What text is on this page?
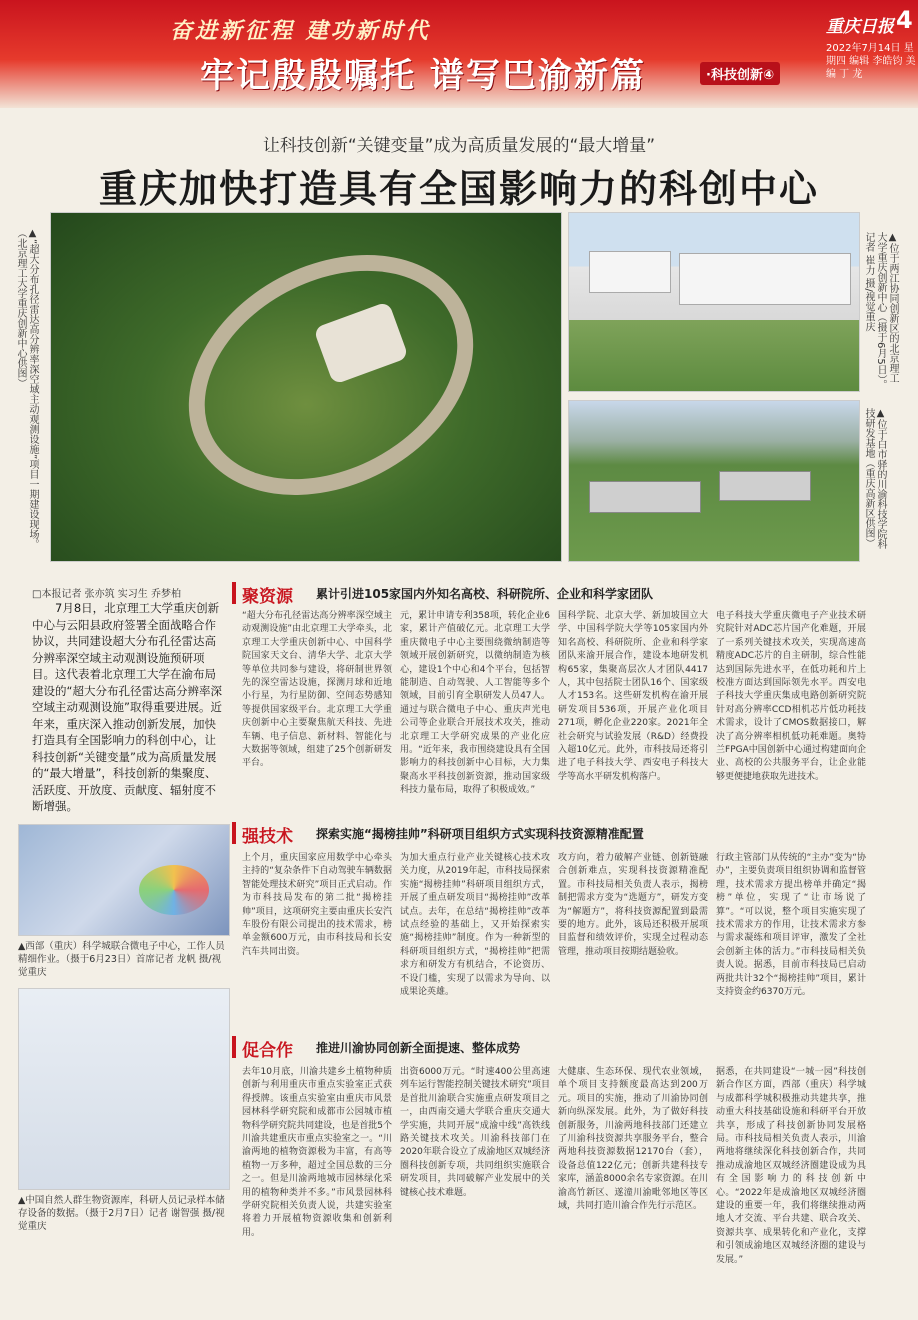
奋进新征程 建功新时代
牢记殷殷嘱托 谱写巴渝新篇	·科技创新④
重庆日报 4
2022年7月14日 星期四 编辑 李皓钧 美编 丁 龙
让科技创新“关键变量”成为高质量发展的“最大增量”
重庆加快打造具有全国影响力的科创中心
▲“超大分布孔径雷达高分辨率深空域主动观测设施”项目一期建设现场。（北京理工大学重庆创新中心供图）	▲位于两江协同创新区的北京理工大学重庆创新中心（摄于6月5日）。记者 崔力 摄/视觉重庆
▲位于白市驿的川渝科技学院科技研发基地（重庆高新区供图）
□本报记者 张亦筑 实习生 乔梦柏
7月8日，北京理工大学重庆创新中心与云阳县政府签署全面战略合作协议，共同建设超大分布孔径雷达高分辨率深空域主动观测设施预研项目。这代表着北京理工大学在渝布局建设的“超大分布孔径雷达高分辨率深空域主动观测设施”取得重要进展。近年来，重庆深入推动创新发展，加快打造具有全国影响力的科创中心，让科技创新“关键变量”成为高质量发展的“最大增量”，科技创新的集聚度、活跃度、开放度、贡献度、辐射度不断增强。
▲西部（重庆）科学城联合微电子中心，工作人员精细作业。（摄于6月23日）首席记者 龙帆 摄/视觉重庆
▲中国自然人群生物资源库，科研人员记录样本储存设备的数据。（摄于2月7日）记者 谢智强 摄/视觉重庆
聚资源 累计引进105家国内外知名高校、科研院所、企业和科学家团队
“超大分布孔径雷达高分辨率深空域主动观测设施”由北京理工大学牵头，北京理工大学重庆创新中心、中国科学院国家天文台、清华大学、北京大学等单位共同参与建设，将研制世界领先的深空雷达设施，探测月球和近地小行星，为行星防御、空间态势感知等提供国家级平台。北京理工大学重庆创新中心主要聚焦航天科技、先进车辆、电子信息、新材料、智能化与大数据等领域，组建了25个创新研发平台。
元，累计申请专利358项，转化企业6家，累计产值破亿元。北京理工大学重庆微电子中心主要围绕微纳制造等领域开展创新研究，以微纳制造为核心，建设1个中心和4个平台，包括智能制造、自动驾驶、人工智能等多个领域，目前引育全职研发人员47人。通过与联合微电子中心、重庆声光电公司等企业联合开展技术攻关，推动北京理工大学研究成果的产业化应用。“近年来，我市围绕建设具有全国影响力的科技创新中心目标，大力集聚高水平科技创新资源，推动国家级科技力量布局，取得了积极成效。”
国科学院、北京大学、新加坡国立大学、中国科学院大学等105家国内外知名高校、科研院所、企业和科学家团队来渝开展合作，建设本地研发机构65家，集聚高层次人才团队4417人，其中包括院士团队16个、国家级人才153名。这些研发机构在渝开展研发项目536项，开展产业化项目271项，孵化企业220家。2021年全社会研究与试验发展（R&D）经费投入超10亿元。此外，市科技局还将引进了电子科技大学、西安电子科技大学等高水平研发机构落户。
电子科技大学重庆微电子产业技术研究院针对ADC芯片国产化难题，开展了一系列关键技术攻关，实现高速高精度ADC芯片的自主研制，综合性能达到国际先进水平，在低功耗和片上校准方面达到国际领先水平。西安电子科技大学重庆集成电路创新研究院针对高分辨率CCD相机芯片低功耗技术需求，设计了CMOS数据接口，解决了高分辨率相机低功耗难题。奥特兰FPGA中国创新中心通过构建面向企业、高校的公共服务平台，让企业能够更便捷地获取先进技术。
强技术 探索实施“揭榜挂帅”科研项目组织方式实现科技资源精准配置
上个月，重庆国家应用数学中心牵头主持的“复杂条件下自动驾驶车辆数据智能处理技术研究”项目正式启动。作为市科技局发布的第二批“揭榜挂帅”项目，这项研究主要由重庆长安汽车股份有限公司提出的技术需求，榜单金额600万元，由市科技局和长安汽车共同出资。
为加大重点行业产业关键核心技术攻关力度，从2019年起，市科技局探索实施“揭榜挂帅”科研项目组织方式，开展了重点研发项目“揭榜挂帅”改革试点。去年，在总结“揭榜挂帅”改革试点经验的基础上，又开始探索实施“揭榜挂帅”制度。作为一种新型的科研项目组织方式，“揭榜挂帅”把需求方和研发方有机结合，不论资历、不设门槛，实现了以需求为导向、以成果论英雄。
攻方向，着力破解产业链、创新链融合创新难点，实现科技资源精准配置。市科技局相关负责人表示，揭榜制把需求方变为“选题方”，研发方变为“解题方”，将科技资源配置到最需要的地方。此外，该局还积极开展项目监督和绩效评价，实现全过程动态管理，推动项目按期结题验收。
行政主管部门从传统的“主办”变为“协办”，主要负责项目组织协调和监督管理，技术需求方提出榜单并确定“揭榜”单位，实现了“让市场说了算”。“可以说，整个项目实施实现了技术需求方的作用，让技术需求方参与需求凝练和项目评审，激发了全社会创新主体的活力。”市科技局相关负责人说。据悉，目前市科技局已启动两批共计32个“揭榜挂帅”项目，累计支持资金约6370万元。
促合作 推进川渝协同创新全面提速、整体成势
去年10月底，川渝共建乡土植物种质创新与利用重庆市重点实验室正式获得授牌。该重点实验室由重庆市风景园林科学研究院和成都市公园城市植物科学研究院共同建设，也是首批5个川渝共建重庆市重点实验室之一。“川渝两地的植物资源极为丰富，有高等植物一万多种，超过全国总数的三分之一。但是川渝两地城市园林绿化采用的植物种类并不多。”市风景园林科学研究院相关负责人说，共建实验室将着力开展植物资源收集和创新利用。
出资6000万元。“时速400公里高速列车运行智能控制关键技术研究”项目是首批川渝联合实施重点研发项目之一，由西南交通大学联合重庆交通大学实施，共同开展“成渝中线”高铁线路关键技术攻关。川渝科技部门在2020年联合设立了成渝地区双城经济圈科技创新专项，共同组织实施联合研发项目，共同破解产业发展中的关键核心技术难题。
大健康、生态环保、现代农业领域，单个项目支持额度最高达到200万元。项目的实施，推动了川渝协同创新向纵深发展。此外，为了做好科技创新服务，川渝两地科技部门还建立了川渝科技资源共享服务平台，整合两地科技资源数据12170台（套），设备总值122亿元；创新共建科技专家库，涵盖8000余名专家资源。在川渝高竹新区、遂潼川渝毗邻地区等区域，共同打造川渝合作先行示范区。
据悉，在共同建设“一城一园”科技创新合作区方面，西部（重庆）科学城与成都科学城积极推动共建共享，推动重大科技基础设施和科研平台开放共享，形成了科技创新协同发展格局。市科技局相关负责人表示，川渝两地将继续深化科技创新合作，共同推动成渝地区双城经济圈建设成为具有全国影响力的科技创新中心。“2022年是成渝地区双城经济圈建设的重要一年，我们将继续推动两地人才交流、平台共建、联合攻关、资源共享、成果转化和产业化，支撑和引领成渝地区双城经济圈的建设与发展。”
